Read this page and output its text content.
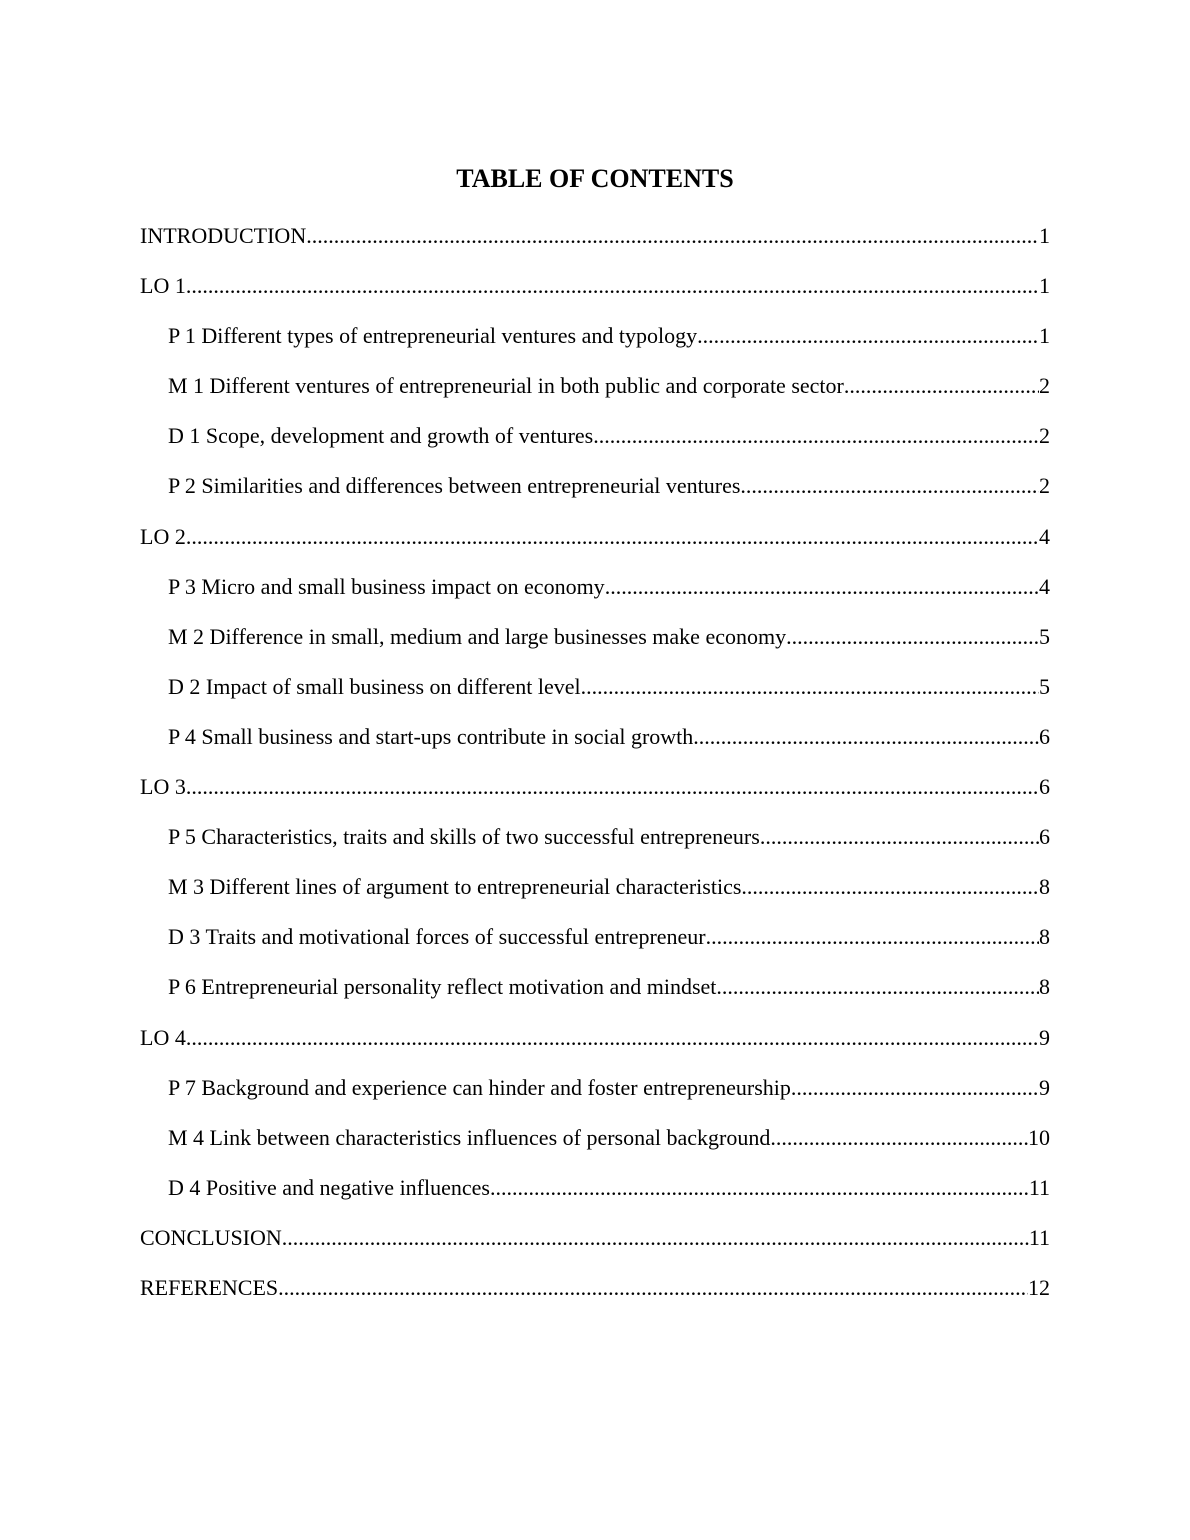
TABLE OF CONTENTS
INTRODUCTION .....	1
LO 1 .....	1
P 1 Different types of entrepreneurial ventures and typology .....	1
M 1 Different ventures of entrepreneurial in both public and corporate sector .....	2
D 1 Scope, development and growth of ventures .....	2
P 2 Similarities and differences between entrepreneurial ventures .....	2
LO 2 .....	4
P 3 Micro and small business impact on economy .....	4
M 2 Difference in small, medium and large businesses make economy .....	5
D 2 Impact of small business on different level .....	5
P 4 Small business and start-ups contribute in social growth .....	6
LO 3 .....	6
P 5 Characteristics, traits and skills of two successful entrepreneurs .....	6
M 3 Different lines of argument to entrepreneurial characteristics .....	8
D 3 Traits and motivational forces of successful entrepreneur .....	8
P 6 Entrepreneurial personality reflect motivation and mindset .....	8
LO 4 .....	9
P 7 Background and experience can hinder and foster entrepreneurship .....	9
M 4 Link between characteristics influences of personal background .....	10
D 4 Positive and negative influences .....	11
CONCLUSION .....	11
REFERENCES .....	12
